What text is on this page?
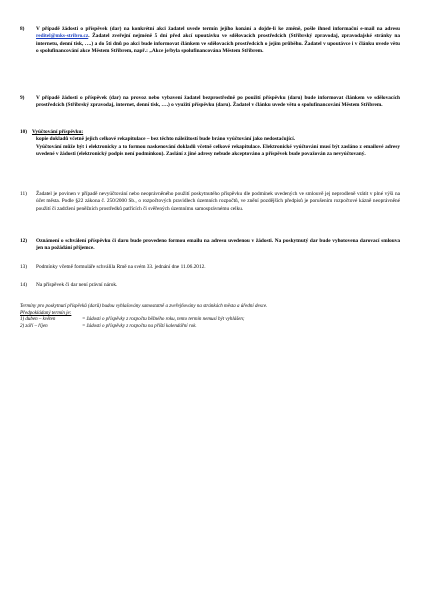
8) V případě žádosti o příspěvek (dar) na konkrétní akci žadatel uvede termín jejího konání a dojde-li ke změně, pošle ihned informační e-mail na adresu reditel@mks-stribro.cz. Žadatel zveřejní nejméně 5 dní před akcí upoutávku ve sdělovacích prostředcích (Stříbrský zpravodaj, zpravodajské stránky na internetu, denní tisk, ….) a do 5ti dnů po akci bude informovat článkem ve sdělovacích prostředcích o jejím průběhu. Žadatel v upoutávce i v článku uvede větu o spolufinancování akce Městem Stříbrem, např.: „Akce je/byla spolufinancována Městem Stříbrem.
9) V případě žádosti o příspěvek (dar) na provoz nebo vybavení žadatel bezprostředně po použití příspěvku (daru) bude informovat článkem ve sdělovacích prostředcích (Stříbrský zpravodaj, internet, denní tisk, ….) o využití příspěvku (daru). Žadatel v článku uvede větu o spolufinancování Městem Stříbrem.
10) Vyúčtování příspěvku:
kopie dokladů včetně jejich celkové rekapitulace – bez těchto náležitostí bude bráno vyúčtování jako nedostačující.
Vyúčtování může být i elektronicky a to formou naskenování dokladů včetně celkové rekapitulace. Elektronické vyúčtování musí být zasláno z emailové adresy uvedené v žádosti (elektronický podpis není podmínkou). Zaslání z jiné adresy nebude akceptováno a příspěvek bude považován za nevyúčtovaný.
11) Žadatel je povinen v případě nevyúčtování nebo neoprávněného použití poskytnutého příspěvku dle podmínek uvedených ve smlouvě jej neprodleně vrátit v plné výši na účet města. Podle §22 zákona č. 250/2000 Sb., o rozpočtových pravidlech územních rozpočtů, ve znění pozdějších předpisů je porušením rozpočtové kázně neoprávněné použití či zadržení peněžních prostředků patřících či svěřených územnímu samosprávnému celku.
12) Oznámení o schválení příspěvku či daru bude provedeno formou emailu na adresu uvedenou v žádosti. Na poskytnutý dar bude vyhotovena darovací smlouva jen na požádání příjemce.
13) Podmínky včetně formuláře schválila Rmě na svém 33. jednání dne 11.06.2012.
14) Na příspěvek či dar není právní nárok.
Termíny pro poskytnutí příspěvků (darů) budou vyhlašovány samostatně a zveřejňovány na stránkách města a úřední desce.
Předpokládaný termín je:
1) duben – květen	= žádosti o příspěvky z rozpočtu běžného roku, tento termín nemusí být vyhlášen;
2) září – říjen	= žádosti o příspěvky z rozpočtu na příští kalendářní rok.
